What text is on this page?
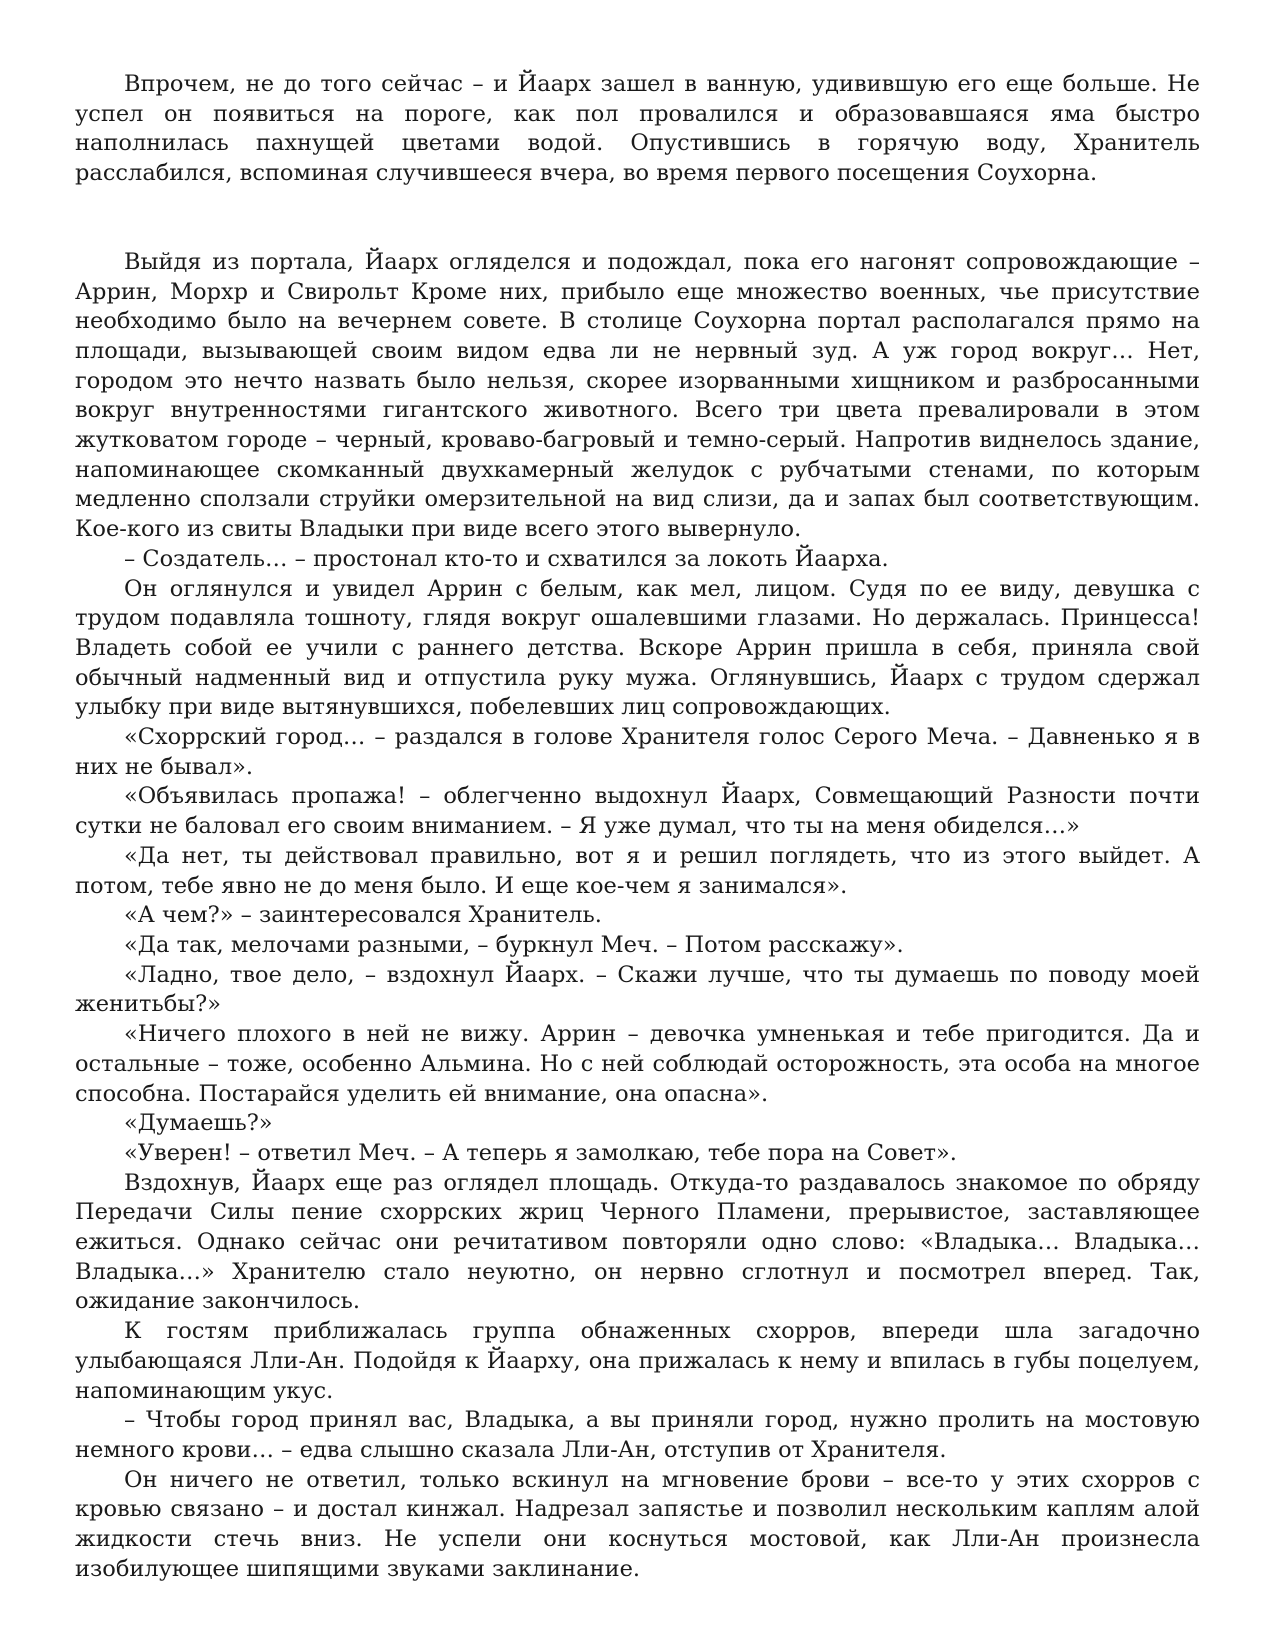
Впрочем, не до того сейчас – и Йаарх зашел в ванную, удивившую его еще больше. Не успел он появиться на пороге, как пол провалился и образовавшаяся яма быстро наполнилась пахнущей цветами водой. Опустившись в горячую воду, Хранитель расслабился, вспоминая случившееся вчера, во время первого посещения Соухорна.

Выйдя из портала, Йаарх огляделся и подождал, пока его нагонят сопровождающие – Аррин, Морхр и Свирольт Кроме них, прибыло еще множество военных, чье присутствие необходимо было на вечернем совете. В столице Соухорна портал располагался прямо на площади, вызывающей своим видом едва ли не нервный зуд. А уж город вокруг… Нет, городом это нечто назвать было нельзя, скорее изорванными хищником и разбросанными вокруг внутренностями гигантского животного. Всего три цвета превалировали в этом жутковатом городе – черный, кроваво-багровый и темно-серый. Напротив виднелось здание, напоминающее скомканный двухкамерный желудок с рубчатыми стенами, по которым медленно сползали струйки омерзительной на вид слизи, да и запах был соответствующим. Кое-кого из свиты Владыки при виде всего этого вывернуло.

– Создатель… – простонал кто-то и схватился за локоть Йаарха.

Он оглянулся и увидел Аррин с белым, как мел, лицом. Судя по ее виду, девушка с трудом подавляла тошноту, глядя вокруг ошалевшими глазами. Но держалась. Принцесса! Владеть собой ее учили с раннего детства. Вскоре Аррин пришла в себя, приняла свой обычный надменный вид и отпустила руку мужа. Оглянувшись, Йаарх с трудом сдержал улыбку при виде вытянувшихся, побелевших лиц сопровождающих.

«Схоррский город… – раздался в голове Хранителя голос Серого Меча. – Давненько я в них не бывал».

«Объявилась пропажа! – облегченно выдохнул Йаарх, Совмещающий Разности почти сутки не баловал его своим вниманием. – Я уже думал, что ты на меня обиделся…»

«Да нет, ты действовал правильно, вот я и решил поглядеть, что из этого выйдет. А потом, тебе явно не до меня было. И еще кое-чем я занимался».

«А чем?» – заинтересовался Хранитель.

«Да так, мелочами разными, – буркнул Меч. – Потом расскажу».

«Ладно, твое дело, – вздохнул Йаарх. – Скажи лучше, что ты думаешь по поводу моей женитьбы?»

«Ничего плохого в ней не вижу. Аррин – девочка умненькая и тебе пригодится. Да и остальные – тоже, особенно Альмина. Но с ней соблюдай осторожность, эта особа на многое способна. Постарайся уделить ей внимание, она опасна».

«Думаешь?»

«Уверен! – ответил Меч. – А теперь я замолкаю, тебе пора на Совет».

Вздохнув, Йаарх еще раз оглядел площадь. Откуда-то раздавалось знакомое по обряду Передачи Силы пение схоррских жриц Черного Пламени, прерывистое, заставляющее ежиться. Однако сейчас они речитативом повторяли одно слово: «Владыка… Владыка… Владыка…» Хранителю стало неуютно, он нервно сглотнул и посмотрел вперед. Так, ожидание закончилось.

К гостям приближалась группа обнаженных схорров, впереди шла загадочно улыбающаяся Лли-Ан. Подойдя к Йаарху, она прижалась к нему и впилась в губы поцелуем, напоминающим укус.

– Чтобы город принял вас, Владыка, а вы приняли город, нужно пролить на мостовую немного крови… – едва слышно сказала Лли-Ан, отступив от Хранителя.

Он ничего не ответил, только вскинул на мгновение брови – все-то у этих схорров с кровью связано – и достал кинжал. Надрезал запястье и позволил нескольким каплям алой жидкости стечь вниз. Не успели они коснуться мостовой, как Лли-Ан произнесла изобилующее шипящими звуками заклинание.
